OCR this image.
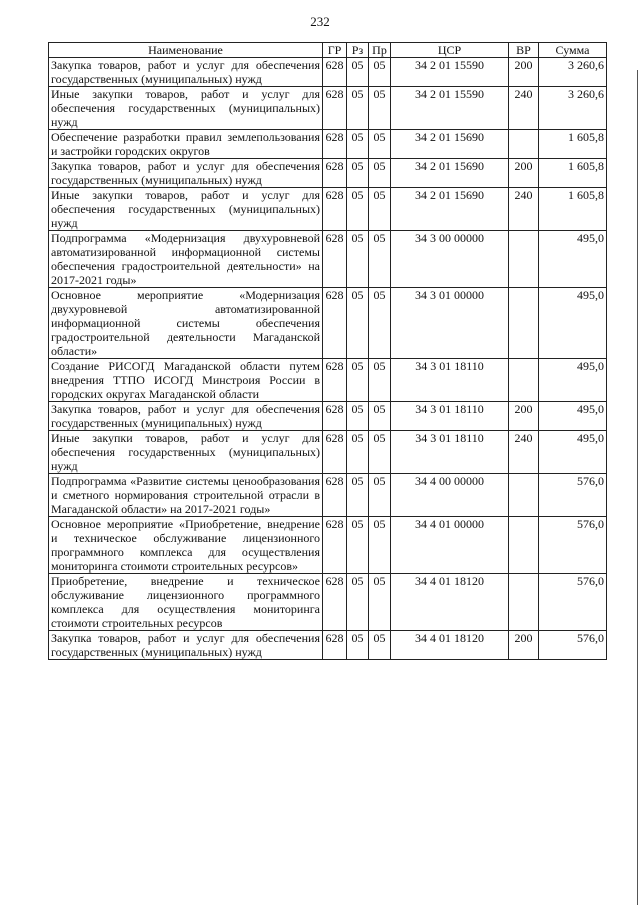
232
Наименование	ГР	Рз	Пр	ЦСР	ВР	Сумма
Закупка товаров, работ и услуг для обеспечения государственных (муниципальных) нужд	628	05	05	34 2 01 15590	200	3 260,6
Иные закупки товаров, работ и услуг для обеспечения государственных (муниципальных) нужд	628	05	05	34 2 01 15590	240	3 260,6
Обеспечение разработки правил землепользования и застройки городских округов	628	05	05	34 2 01 15690		1 605,8
Закупка товаров, работ и услуг для обеспечения государственных (муниципальных) нужд	628	05	05	34 2 01 15690	200	1 605,8
Иные закупки товаров, работ и услуг для обеспечения государственных (муниципальных) нужд	628	05	05	34 2 01 15690	240	1 605,8
Подпрограмма «Модернизация двухуровневой автоматизированной информационной системы обеспечения градостроительной деятельности» на 2017-2021 годы»	628	05	05	34 3 00 00000		495,0
Основное мероприятие «Модернизация двухуровневой автоматизированной информационной системы обеспечения градостроительной деятельности Магаданской области»	628	05	05	34 3 01 00000		495,0
Создание РИСОГД Магаданской области путем внедрения ТТПО ИСОГД Минстроия России в городских округах Магаданской области	628	05	05	34 3 01 18110		495,0
Закупка товаров, работ и услуг для обеспечения государственных (муниципальных) нужд	628	05	05	34 3 01 18110	200	495,0
Иные закупки товаров, работ и услуг для обеспечения государственных (муниципальных) нужд	628	05	05	34 3 01 18110	240	495,0
Подпрограмма «Развитие системы ценообразования и сметного нормирования строительной отрасли в Магаданской области» на 2017-2021 годы»	628	05	05	34 4 00 00000		576,0
Основное мероприятие «Приобретение, внедрение и техническое обслуживание лицензионного программного комплекса для осуществления мониторинга стоимоти строительных ресурсов»	628	05	05	34 4 01 00000		576,0
Приобретение, внедрение и техническое обслуживание лицензионного программного комплекса для осуществления мониторинга стоимоти строительных ресурсов	628	05	05	34 4 01 18120		576,0
Закупка товаров, работ и услуг для обеспечения государственных (муниципальных) нужд	628	05	05	34 4 01 18120	200	576,0
